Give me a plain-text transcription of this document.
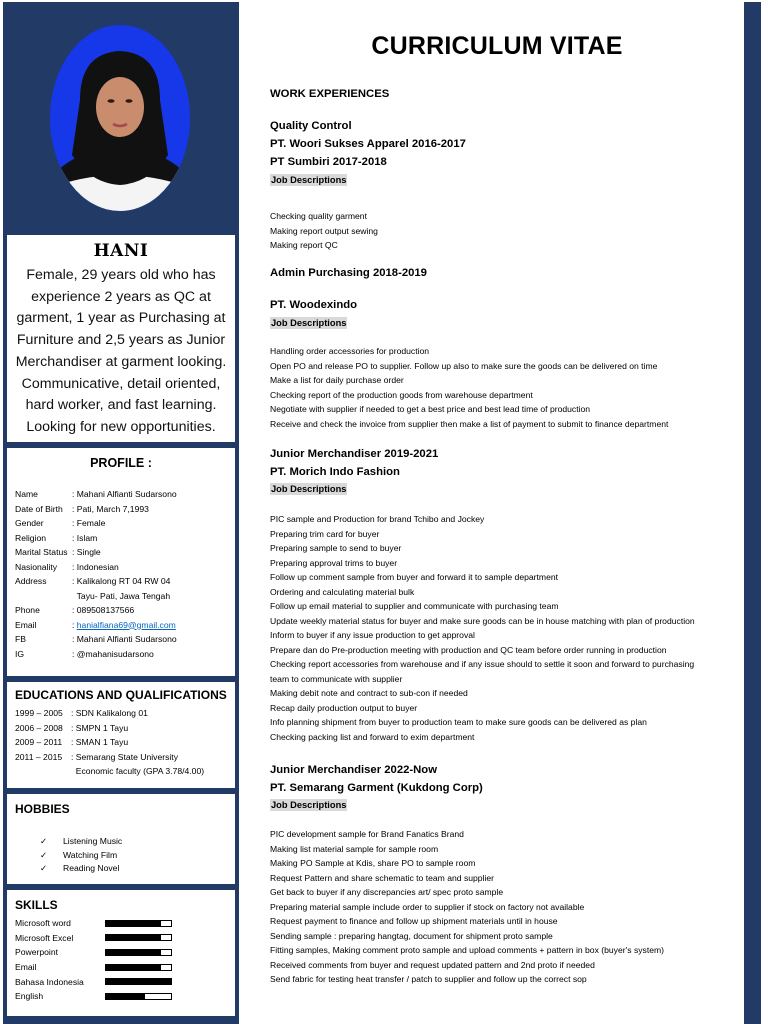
HANI
Female, 29 years old who has experience 2 years as QC at garment, 1 year as Purchasing at Furniture and 2,5 years as Junior Merchandiser at garment looking. Communicative, detail oriented, hard worker, and fast learning. Looking for new opportunities.
PROFILE :
Name	: Mahani Alfianti Sudarsono
Date of Birth	: Pati, March 7,1993
Gender	: Female
Religion	: Islam
Marital Status : Single
Nasionality	: Indonesian
Address	: Kalikalong RT 04 RW 04
Tayu- Pati, Jawa Tengah
Phone	: 089508137566
Email	: hanialfiana69@gmail.com
FB	: Mahani Alfianti Sudarsono
IG	: @mahanisudarsono
EDUCATIONS AND QUALIFICATIONS
1999 – 2005 : SDN Kalikalong 01
2006 – 2008 : SMPN 1 Tayu
2009 – 2011	: SMAN 1 Tayu
2011 – 2015	: Semarang State University
Economic faculty (GPA 3.78/4.00)
HOBBIES
✓ Listening Music
✓ Watching Film
✓ Reading Novel
SKILLS
Microsoft word
Microsoft Excel
Powerpoint
Email
Bahasa Indonesia
English
CURRICULUM VITAE
WORK EXPERIENCES
Quality Control
PT. Woori Sukses Apparel 2016-2017
PT Sumbiri 2017-2018
Job Descriptions
Checking quality garment
Making report output sewing
Making report QC
Admin Purchasing 2018-2019
PT. Woodexindo
Job Descriptions
Handling order accessories for production
Open PO and release PO to supplier. Follow up also to make sure the goods can be delivered on time
Make a list for daily purchase order
Checking report of the production goods from warehouse department
Negotiate with supplier if needed to get a best price and best lead time of production
Receive and check the invoice from supplier then make a list of payment to submit to finance department
Junior Merchandiser 2019-2021
PT. Morich Indo Fashion
Job Descriptions
PIC sample and Production for brand Tchibo and Jockey
Preparing trim card for buyer
Preparing sample to send to buyer
Preparing approval trims to buyer
Follow up comment sample from buyer and forward it to sample department
Ordering and calculating material bulk
Follow up email material to supplier and communicate with purchasing team
Update weekly material status for buyer and make sure goods can be in house matching with plan of production
Inform to buyer if any issue production to get approval
Prepare dan do Pre-production meeting with production and QC team before order running in production
Checking report accessories from warehouse and if any issue should to settle it soon and forward to purchasing
team to communicate with supplier
Making debit note and contract to sub-con if needed
Recap daily production output to buyer
Info planning shipment from buyer to production team to make sure goods can be delivered as plan
Checking packing list and forward to exim department
Junior Merchandiser 2022-Now
PT. Semarang Garment (Kukdong Corp)
Job Descriptions
PIC development sample for Brand Fanatics Brand
Making list material sample for sample room
Making PO Sample at Kdis, share PO to sample room
Request Pattern and share schematic to team and supplier
Get back to buyer if any discrepancies art/ spec proto sample
Preparing material sample include order to supplier if stock on factory not available
Request payment to finance and follow up shipment materials until in house
Sending sample : preparing hangtag, document for shipment proto sample
Fitting samples, Making comment proto sample and upload comments + pattern in box (buyer's system)
Received comments from buyer and request updated pattern and 2nd proto if needed
Send fabric for testing heat transfer / patch to supplier and follow up the correct sop
